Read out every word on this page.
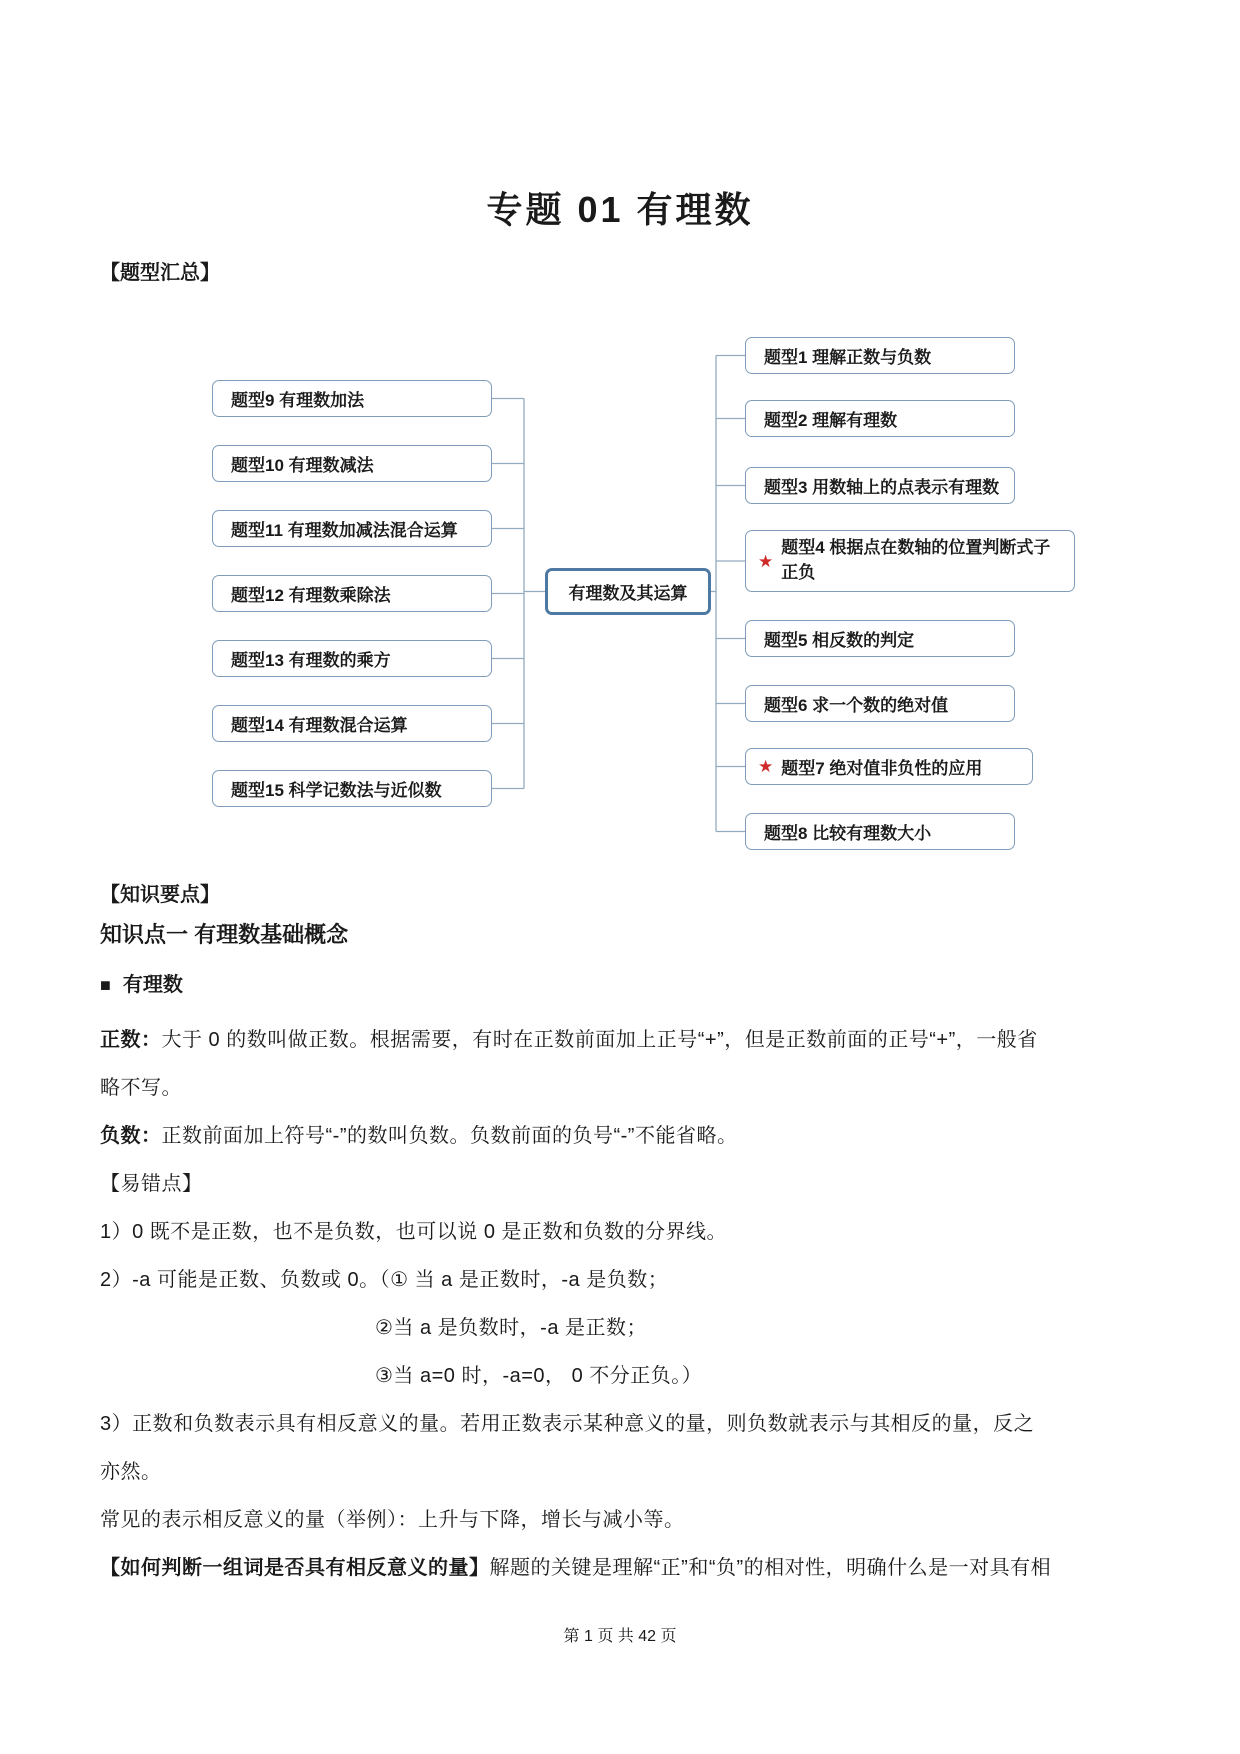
专题 01 有理数
【题型汇总】
题型9 有理数加法
题型10 有理数减法
题型11 有理数加减法混合运算
题型12 有理数乘除法
题型13 有理数的乘方
题型14 有理数混合运算
题型15 科学记数法与近似数
有理数及其运算
题型1 理解正数与负数
题型2 理解有理数
题型3 用数轴上的点表示有理数
★
题型4 根据点在数轴的位置判断式子正负
题型5 相反数的判定
题型6 求一个数的绝对值
★ 题型7 绝对值非负性的应用
题型8 比较有理数大小
【知识要点】
知识点一 有理数基础概念
■ 有理数
正数：大于 0 的数叫做正数。根据需要，有时在正数前面加上正号“+”，但是正数前面的正号“+”，一般省
略不写。
负数：正数前面加上符号“-”的数叫负数。负数前面的负号“-”不能省略。
【易错点】
1）0 既不是正数，也不是负数，也可以说 0 是正数和负数的分界线。
2）-a 可能是正数、负数或 0。（① 当 a 是正数时，-a 是负数；
②当 a 是负数时，-a 是正数；
③当 a=0 时，-a=0， 0 不分正负。）
3）正数和负数表示具有相反意义的量。若用正数表示某种意义的量，则负数就表示与其相反的量，反之
亦然。
常见的表示相反意义的量（举例）：上升与下降，增长与减小等。
【如何判断一组词是否具有相反意义的量】解题的关键是理解“正”和“负”的相对性，明确什么是一对具有相
第 1 页 共 42 页
